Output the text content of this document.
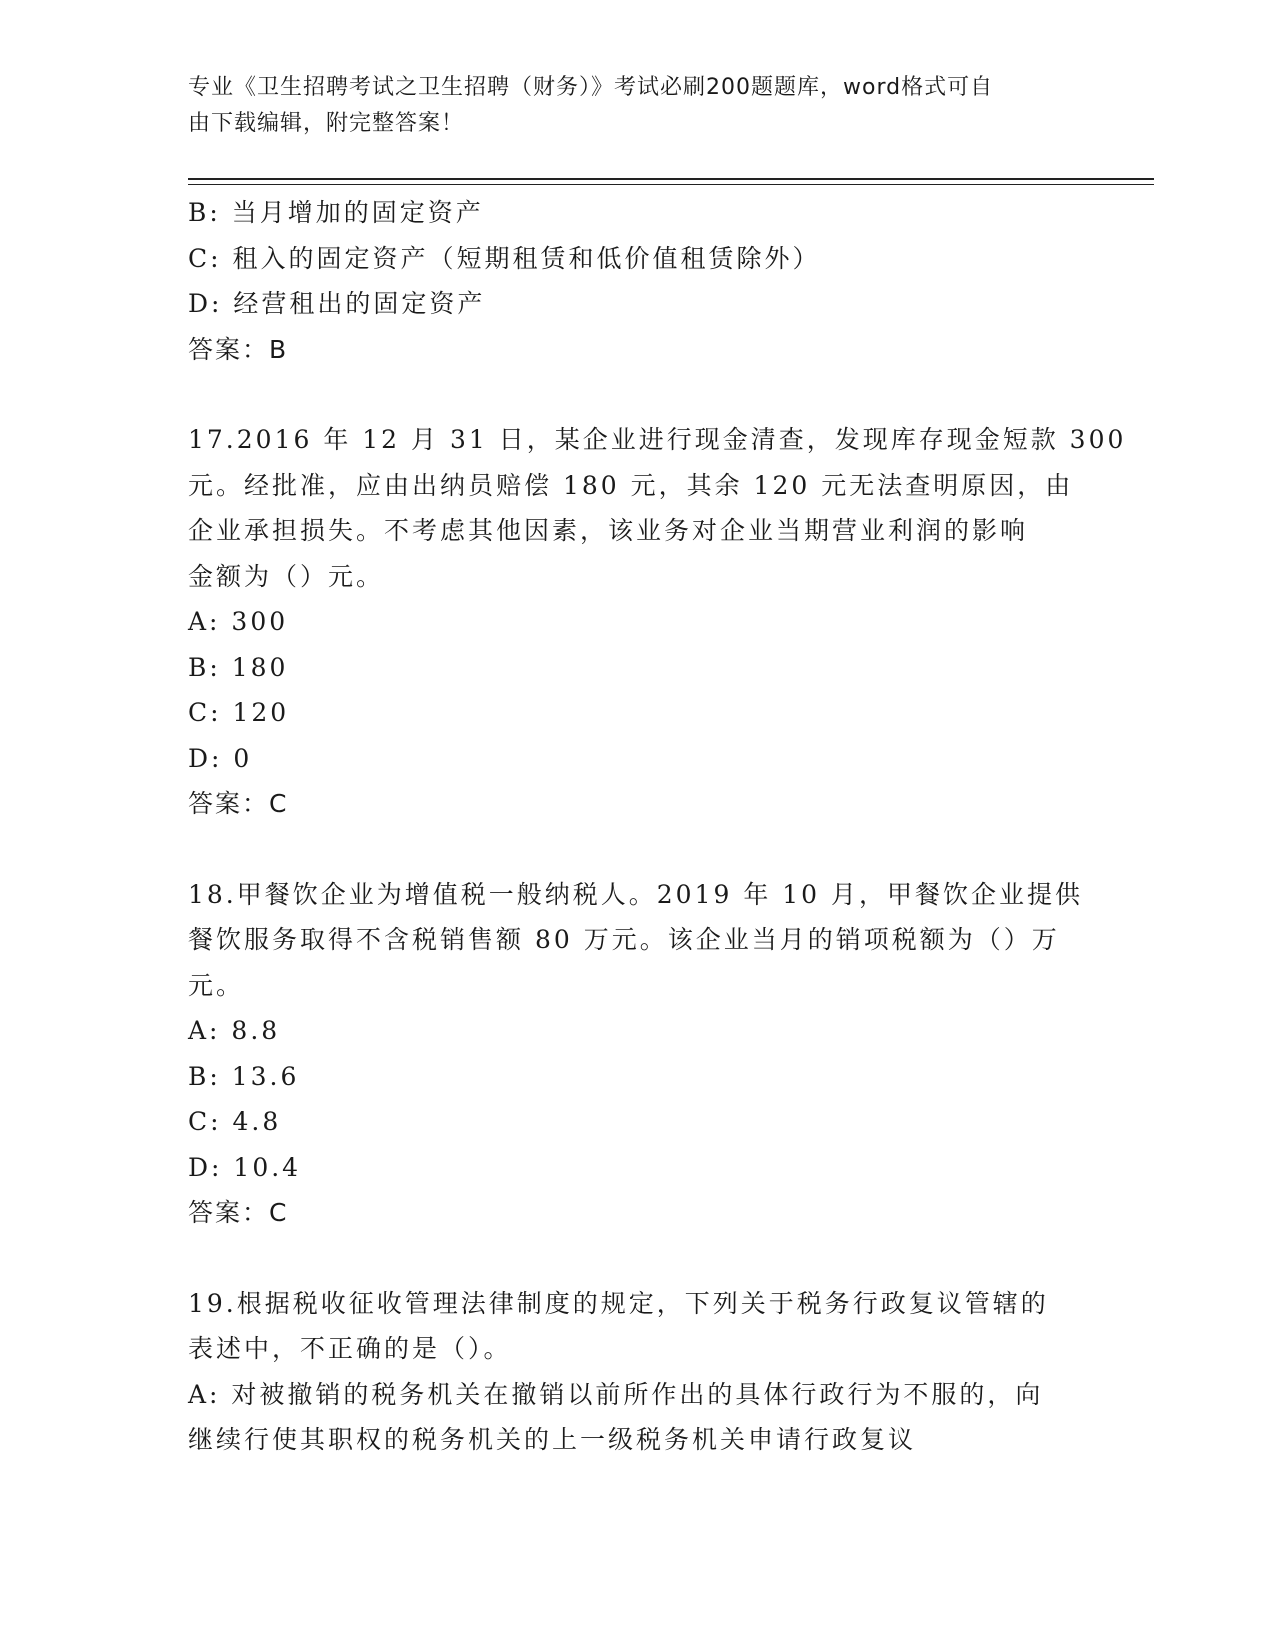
专业《卫生招聘考试之卫生招聘（财务）》考试必刷200题题库，word格式可自
由下载编辑，附完整答案！
B: 当月增加的固定资产
C: 租入的固定资产（短期租赁和低价值租赁除外）
D: 经营租出的固定资产
答案：B
17.2016 年 12 月 31 日，某企业进行现金清查，发现库存现金短款 300
元。经批准，应由出纳员赔偿 180 元，其余 120 元无法查明原因，由
企业承担损失。不考虑其他因素，该业务对企业当期营业利润的影响
金额为（）元。
A: 300
B: 180
C: 120
D: 0
答案：C
18.甲餐饮企业为增值税一般纳税人。2019 年 10 月，甲餐饮企业提供
餐饮服务取得不含税销售额 80 万元。该企业当月的销项税额为（）万
元。
A: 8.8
B: 13.6
C: 4.8
D: 10.4
答案：C
19.根据税收征收管理法律制度的规定，下列关于税务行政复议管辖的
表述中，不正确的是（）。
A: 对被撤销的税务机关在撤销以前所作出的具体行政行为不服的，向
继续行使其职权的税务机关的上一级税务机关申请行政复议
